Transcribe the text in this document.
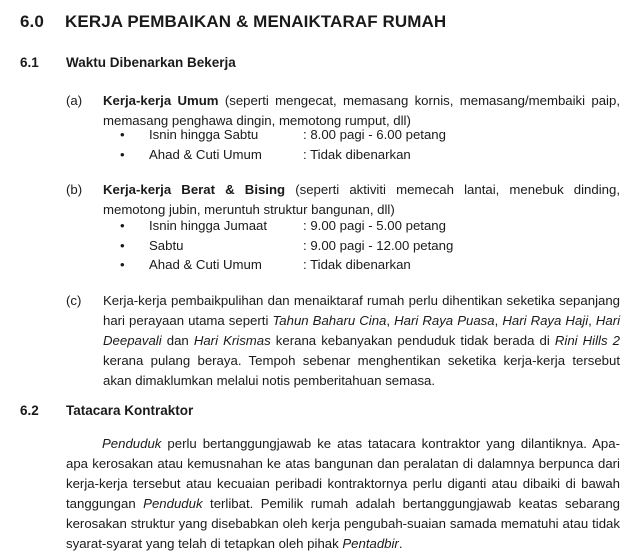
6.0 KERJA PEMBAIKAN & MENAIKTARAF RUMAH
6.1 Waktu Dibenarkan Bekerja
(a) Kerja-kerja Umum (seperti mengecat, memasang kornis, memasang/membaiki paip, memasang penghawa dingin, memotong rumput, dll)
• Isnin hingga Sabtu	: 8.00 pagi - 6.00 petang
• Ahad & Cuti Umum	: Tidak dibenarkan
(b) Kerja-kerja Berat & Bising (seperti aktiviti memecah lantai, menebuk dinding, memotong jubin, meruntuh struktur bangunan, dll)
• Isnin hingga Jumaat	: 9.00 pagi - 5.00 petang
• Sabtu	: 9.00 pagi - 12.00 petang
• Ahad & Cuti Umum	: Tidak dibenarkan
(c) Kerja-kerja pembaikpulihan dan menaiktaraf rumah perlu dihentikan seketika sepanjang hari perayaan utama seperti Tahun Baharu Cina, Hari Raya Puasa, Hari Raya Haji, Hari Deepavali dan Hari Krismas kerana kebanyakan penduduk tidak berada di Rini Hills 2 kerana pulang beraya. Tempoh sebenar menghentikan seketika kerja-kerja tersebut akan dimaklumkan melalui notis pemberitahuan semasa.
6.2 Tatacara Kontraktor
Penduduk perlu bertanggungjawab ke atas tatacara kontraktor yang dilantiknya. Apa-apa kerosakan atau kemusnahan ke atas bangunan dan peralatan di dalamnya berpunca dari kerja-kerja tersebut atau kecuaian peribadi kontraktornya perlu diganti atau dibaiki di bawah tanggungan Penduduk terlibat. Pemilik rumah adalah bertanggungjawab keatas sebarang kerosakan struktur yang disebabkan oleh kerja pengubah-suaian samada mematuhi atau tidak syarat-syarat yang telah di tetapkan oleh pihak Pentadbir.
